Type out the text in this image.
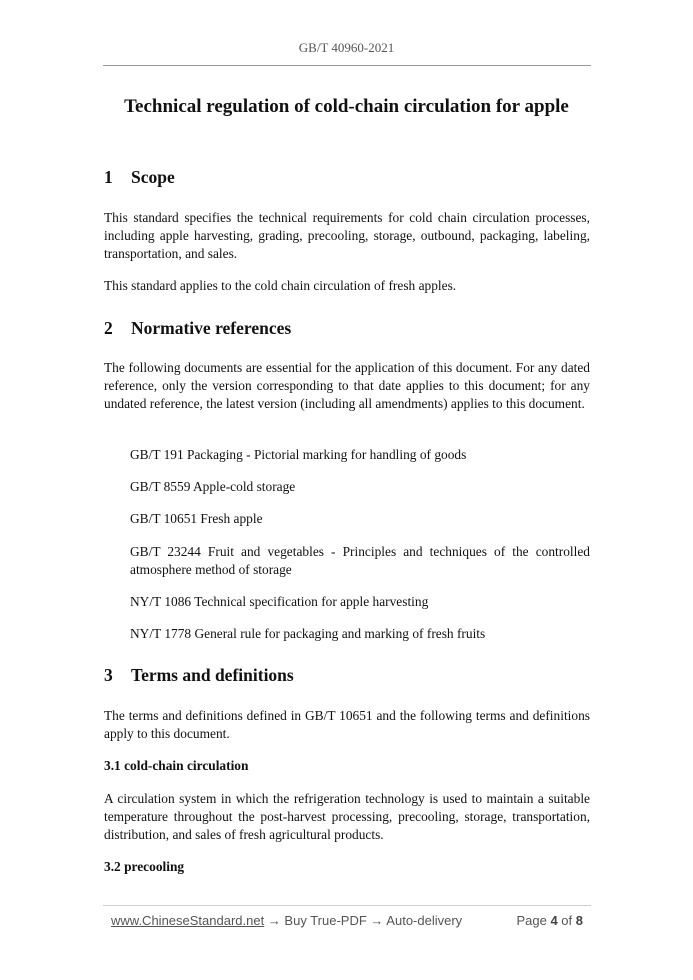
GB/T 40960-2021
Technical regulation of cold-chain circulation for apple
1 Scope
This standard specifies the technical requirements for cold chain circulation processes, including apple harvesting, grading, precooling, storage, outbound, packaging, labeling, transportation, and sales.
This standard applies to the cold chain circulation of fresh apples.
2 Normative references
The following documents are essential for the application of this document. For any dated reference, only the version corresponding to that date applies to this document; for any undated reference, the latest version (including all amendments) applies to this document.
GB/T 191 Packaging - Pictorial marking for handling of goods
GB/T 8559 Apple-cold storage
GB/T 10651 Fresh apple
GB/T 23244 Fruit and vegetables - Principles and techniques of the controlled atmosphere method of storage
NY/T 1086 Technical specification for apple harvesting
NY/T 1778 General rule for packaging and marking of fresh fruits
3 Terms and definitions
The terms and definitions defined in GB/T 10651 and the following terms and definitions apply to this document.
3.1 cold-chain circulation
A circulation system in which the refrigeration technology is used to maintain a suitable temperature throughout the post-harvest processing, precooling, storage, transportation, distribution, and sales of fresh agricultural products.
3.2 precooling
www.ChineseStandard.net → Buy True-PDF → Auto-delivery	Page 4 of 8
